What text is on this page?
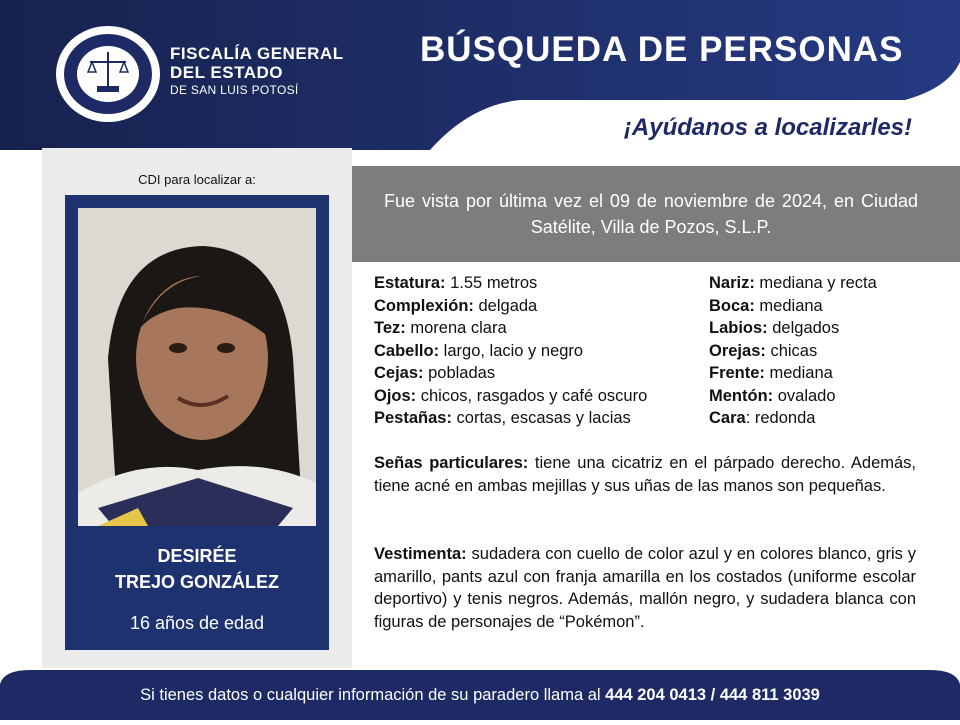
FISCALÍA GENERAL
DEL ESTADO
DE SAN LUIS POTOSÍ
BÚSQUEDA DE PERSONAS
¡Ayúdanos a localizarles!
CDI para localizar a:
DESIRÉE
TREJO GONZÁLEZ
16 años de edad

Fue vista por última vez el 09 de noviembre de 2024, en Ciudad Satélite, Villa de Pozos, S.L.P.

Estatura: 1.55 metros
Complexión: delgada
Tez: morena clara
Cabello: largo, lacio y negro
Cejas: pobladas
Ojos: chicos, rasgados y café oscuro
Pestañas: cortas, escasas y lacias
Nariz: mediana y recta
Boca: mediana
Labios: delgados
Orejas: chicas
Frente: mediana
Mentón: ovalado
Cara: redonda

Señas particulares: tiene una cicatriz en el párpado derecho. Además, tiene acné en ambas mejillas y sus uñas de las manos son pequeñas.

Vestimenta: sudadera con cuello de color azul y en colores blanco, gris y amarillo, pants azul con franja amarilla en los costados (uniforme escolar deportivo) y tenis negros. Además, mallón negro, y sudadera blanca con figuras de personajes de “Pokémon”.

Si tienes datos o cualquier información de su paradero llama al 444 204 0413 / 444 811 3039
